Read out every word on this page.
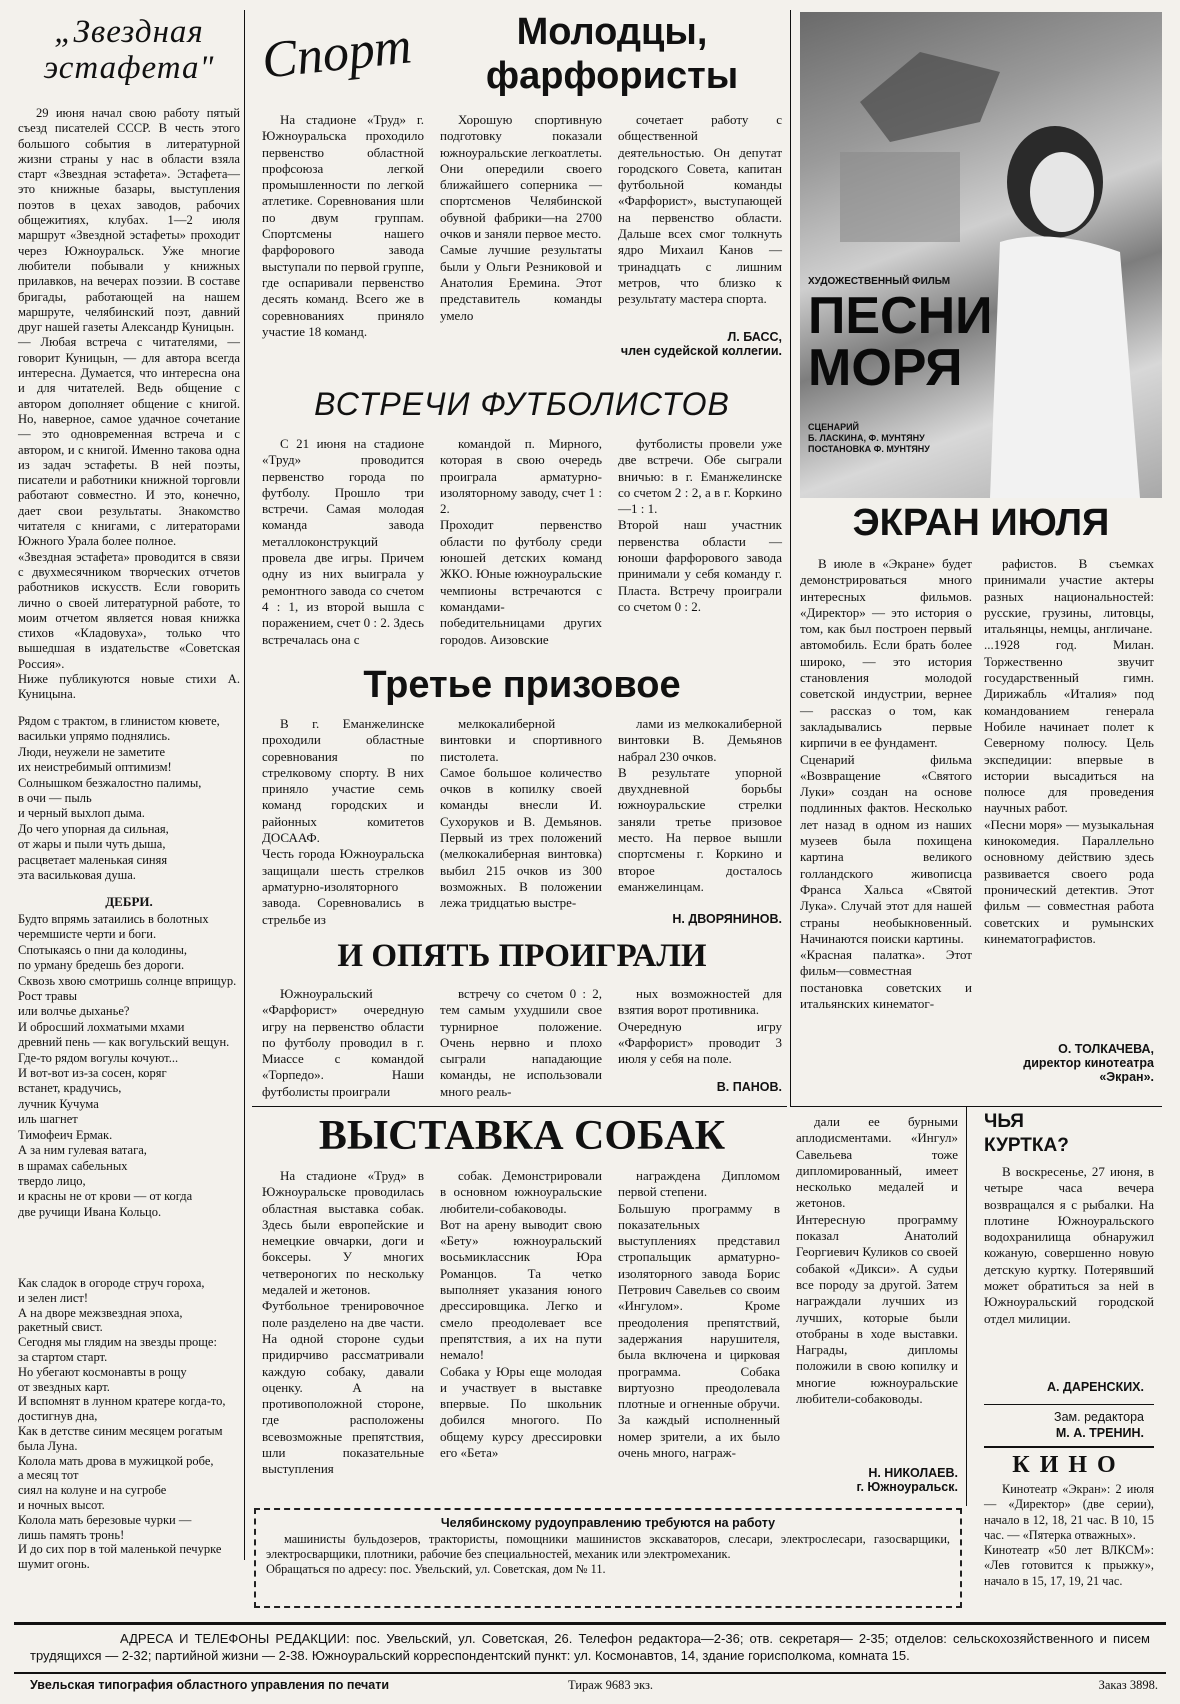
„Звездная
эстафета"

29 июня начал свою работу пятый съезд писателей СССР. В честь этого большого события в литературной жизни страны у нас в области взяла старт «Звездная эстафета». Эстафета—это книжные базары, выступления поэтов в цехах заводов, рабочих общежитиях, клубах. 1—2 июля маршрут «Звездной эстафеты» проходит через Южноуральск. Уже многие любители побывали у книжных прилавков, на вечерах поэзии. В составе бригады, работающей на нашем маршруте, челябинский поэт, давний друг нашей газеты Александр Куницын.
— Любая встреча с читателями, — говорит Куницын, — для автора всегда интересна. Думается, что интересна она и для читателей. Ведь общение с автором дополняет общение с книгой. Но, наверное, самое удачное сочетание — это одновременная встреча и с автором, и с книгой. Именно такова одна из задач эстафеты. В ней поэты, писатели и работники книжной торговли работают совместно. И это, конечно, дает свои результаты. Знакомство читателя с книгами, с литераторами Южного Урала более полное.
«Звездная эстафета» проводится в связи с двухмесячником творческих отчетов работников искусств. Если говорить лично о своей литературной работе, то моим отчетом является новая книжка стихов «Кладовуха», только что вышедшая в издательстве «Советская Россия».
Ниже публикуются новые стихи А. Куницына.

Рядом с трактом, в глинистом кювете,
васильки упрямо поднялись.
Люди, неужели не заметите
их неистребимый оптимизм!
Солнышком безжалостно палимы,
в очи — пыль
и черный выхлоп дыма.
До чего упорная да сильная,
от жары и пыли чуть дыша,
расцветает маленькая синяя
эта васильковая душа.

ДЕБРИ.

Будто впрямь затаились в болотных
черемшисте черти и боги.
Спотыкаясь о пни да колодины,
по урману бредешь без дороги.
Сквозь хвою смотришь солнце вприщур.
Рост травы
или волчье дыханье?
И обросший лохматыми мхами
древний пень — как вогульский вещун.
Где-то рядом вогулы кочуют...
И вот-вот из-за сосен, коряг
встанет, крадучись,
лучник Кучума
иль шагнет
Тимофеич Ермак.
А за ним гулевая ватага,
в шрамах сабельных
твердо лицо,
и красны не от крови — от когда
две ручищи Ивана Кольцо.

Как сладок в огороде струч гороха,
и зелен лист!
А на дворе межзвездная эпоха,
ракетный свист.
Сегодня мы глядим на звезды проще:
за стартом старт.
Но убегают космонавты в рощу
от звездных карт.
И вспомнят в лунном кратере когда-то,
достигнув дна,
Как в детстве синим месяцем рогатым
была Луна.
Колола мать дрова в мужицкой робе,
а месяц тот
сиял на колуне и на сугробе
и ночных высот.
Колола мать березовые чурки —
лишь память тронь!
И до сих пор в той маленькой печурке
шумит огонь.

Спорт	Молодцы,
фарфористы

На стадионе «Труд» г. Южноуральска проходило первенство областной профсоюза легкой промышленности по легкой атлетике. Соревнования шли по двум группам. Спортсмены нашего фарфорового завода выступали по первой группе, где оспаривали первенство десять команд. Всего же в соревнованиях приняло участие 18 команд.

Хорошую спортивную подготовку показали южноуральские легкоатлеты. Они опередили своего ближайшего соперника — спортсменов Челябинской обувной фабрики—на 2700 очков и заняли первое место.
Самые лучшие результаты были у Ольги Резниковой и Анатолия Еремина. Этот представитель команды умело

сочетает работу с общественной деятельностью. Он депутат городского Совета, капитан футбольной команды «Фарфорист», выступающей на первенство области. Дальше всех смог толкнуть ядро Михаил Канов — тринадцать с лишним метров, что близко к результату мастера спорта.

Л. БАСС,
член судейской коллегии.

ВСТРЕЧИ ФУТБОЛИСТОВ

С 21 июня на стадионе «Труд» проводится первенство города по футболу. Прошло три встречи. Самая молодая команда завода металлоконструкций провела две игры. Причем одну из них выиграла у ремонтного завода со счетом 4 : 1, из второй вышла с поражением, счет 0 : 2. Здесь встречалась она с

командой п. Мирного, которая в свою очередь проиграла арматурно-изоляторному заводу, счет 1 : 2.
Проходит первенство области по футболу среди юношей детских команд ЖКО. Юные южноуральские чемпионы встречаются с командами-победительницами других городов. Аизовские

футболисты провели уже две встречи. Обе сыграли вничью: в г. Еманжелинске со счетом 2 : 2, а в г. Коркино—1 : 1.
Второй наш участник первенства области — юноши фарфорового завода принимали у себя команду г. Пласта. Встречу проиграли со счетом 0 : 2.

Третье призовое

В г. Еманжелинске проходили областные соревнования по стрелковому спорту. В них приняло участие семь команд городских и районных комитетов ДОСААФ.
Честь города Южноуральска защищали шесть стрелков арматурно-изоляторного завода. Соревновались в стрельбе из

мелкокалиберной винтовки и спортивного пистолета.
Самое большое количество очков в копилку своей команды внесли И. Сухоруков и В. Демьянов. Первый из трех положений (мелкокалиберная винтовка) выбил 215 очков из 300 возможных. В положении лежа тридцатью выстре-

лами из мелкокалиберной винтовки В. Демьянов набрал 230 очков.
В результате упорной двухдневной борьбы южноуральские стрелки заняли третье призовое место. На первое вышли спортсмены г. Коркино и второе досталось еманжелинцам.

Н. ДВОРЯНИНОВ.

И ОПЯТЬ ПРОИГРАЛИ

Южноуральский «Фарфорист» очередную игру на первенство области по футболу проводил в г. Миассе с командой «Торпедо». Наши футболисты проиграли

встречу со счетом 0 : 2, тем самым ухудшили свое турнирное положение. Очень нервно и плохо сыграли нападающие команды, не использовали много реаль-

ных возможностей для взятия ворот противника.
Очередную игру «Фарфорист» проводит 3 июля у себя на поле.

В. ПАНОВ.

ВЫСТАВКА СОБАК

На стадионе «Труд» в Южноуральске проводилась областная выставка собак. Здесь были европейские и немецкие овчарки, доги и боксеры. У многих четвероногих по нескольку медалей и жетонов.
Футбольное тренировочное поле разделено на две части. На одной стороне судьи придирчиво рассматривали каждую собаку, давали оценку. А на противоположной стороне, где расположены всевозможные препятствия, шли показательные выступления

собак. Демонстрировали в основном южноуральские любители-собаководы.
Вот на арену выводит свою «Бету» южноуральский восьмиклассник Юра Романцов. Та четко выполняет указания юного дрессировщика. Легко и смело преодолевает все препятствия, а их на пути немало!
Собака у Юры еще молодая и участвует в выставке впервые. По школьник добился многого. По общему курсу дрессировки его «Бета»

награждена Дипломом первой степени.
Большую программу в показательных выступлениях представил стропальщик арматурно-изоляторного завода Борис Петрович Савельев со своим «Ингулом». Кроме преодоления препятствий, задержания нарушителя, была включена и цирковая программа. Собака виртуозно преодолевала плотные и огненные обручи. За каждый исполненный номер зрители, а их было очень много, награж-

дали ее бурными аплодисментами. «Ингул» Савельева тоже дипломированный, имеет несколько медалей и жетонов.
Интересную программу показал Анатолий Георгиевич Куликов со своей собакой «Дикси». А судьи все породу за другой. Затем награждали лучших из лучших, которые были отобраны в ходе выставки. Награды, дипломы положили в свою копилку и многие южноуральские любители-собаководы.

Н. НИКОЛАЕВ.
г. Южноуральск.

ХУДОЖЕСТВЕННЫЙ ФИЛЬМ
ПЕСНИ
МОРЯ
СЦЕНАРИЙ
Б. ЛАСКИНА, Ф. МУНТЯНУ
ПОСТАНОВКА Ф. МУНТЯНУ
ЭКРАН ИЮЛЯ

В июле в «Экране» будет демонстрироваться много интересных фильмов. «Директор» — это история о том, как был построен первый автомобиль. Если брать более широко, — это история становления молодой советской индустрии, вернее — рассказ о том, как закладывались первые кирпичи в ее фундамент.
Сценарий фильма «Возвращение «Святого Луки» создан на основе подлинных фактов. Несколько лет назад в одном из наших музеев была похищена картина великого голландского живописца Франса Хальса «Святой Лука». Случай этот для нашей страны необыкновенный. Начинаются поиски картины.
«Красная палатка». Этот фильм—совместная постановка советских и итальянских кинематог-

рафистов. В съемках принимали участие актеры разных национальностей: русские, грузины, литовцы, итальянцы, немцы, англичане.
...1928 год. Милан. Торжественно звучит государственный гимн. Дирижабль «Италия» под командованием генерала Нобиле начинает полет к Северному полюсу. Цель экспедиции: впервые в истории высадиться на полюсе для проведения научных работ.
«Песни моря» — музыкальная кинокомедия. Параллельно основному действию здесь развивается своего рода пронический детектив. Этот фильм — совместная работа советских и румынских кинематографистов.

О. ТОЛКАЧЕВА,
директор кинотеатра
«Экран».

ЧЬЯ
КУРТКА?

В воскресенье, 27 июня, в четыре часа вечера возвращался я с рыбалки. На плотине Южноуральского водохранилища обнаружил кожаную, совершенно новую детскую куртку. Потерявший может обратиться за ней в Южноуральский городской отдел милиции.

А. ДАРЕНСКИХ.

Зам. редактора

М. А. ТРЕНИН.

КИНО

Кинотеатр «Экран»: 2 июля — «Директор» (две серии), начало в 12, 18, 21 час. В 10, 15 час. — «Пятерка отважных».
Кинотеатр «50 лет ВЛКСМ»: «Лев готовится к прыжку», начало в 15, 17, 19, 21 час.

Челябинскому рудоуправлению требуются на работу

машинисты бульдозеров, трактористы, помощники машинистов экскаваторов, слесари, электрослесари, газосварщики, электросварщики, плотники, рабочие без специальностей, механик или электромеханик.
Обращаться по адресу: пос. Увельский, ул. Советская, дом № 11.

АДРЕСА И ТЕЛЕФОНЫ РЕДАКЦИИ: пос. Увельский, ул. Советская, 26. Телефон редактора—2-36; отв. секретаря— 2-35; отделов: сельскохозяйственного и писем трудящихся — 2-32; партийной жизни — 2-38. Южноуральский корреспондентский пункт: ул. Космонавтов, 14, здание горисполкома, комната 15.

Увельская типография областного управления по печати	Тираж 9683 экз.	Заказ 3898.
